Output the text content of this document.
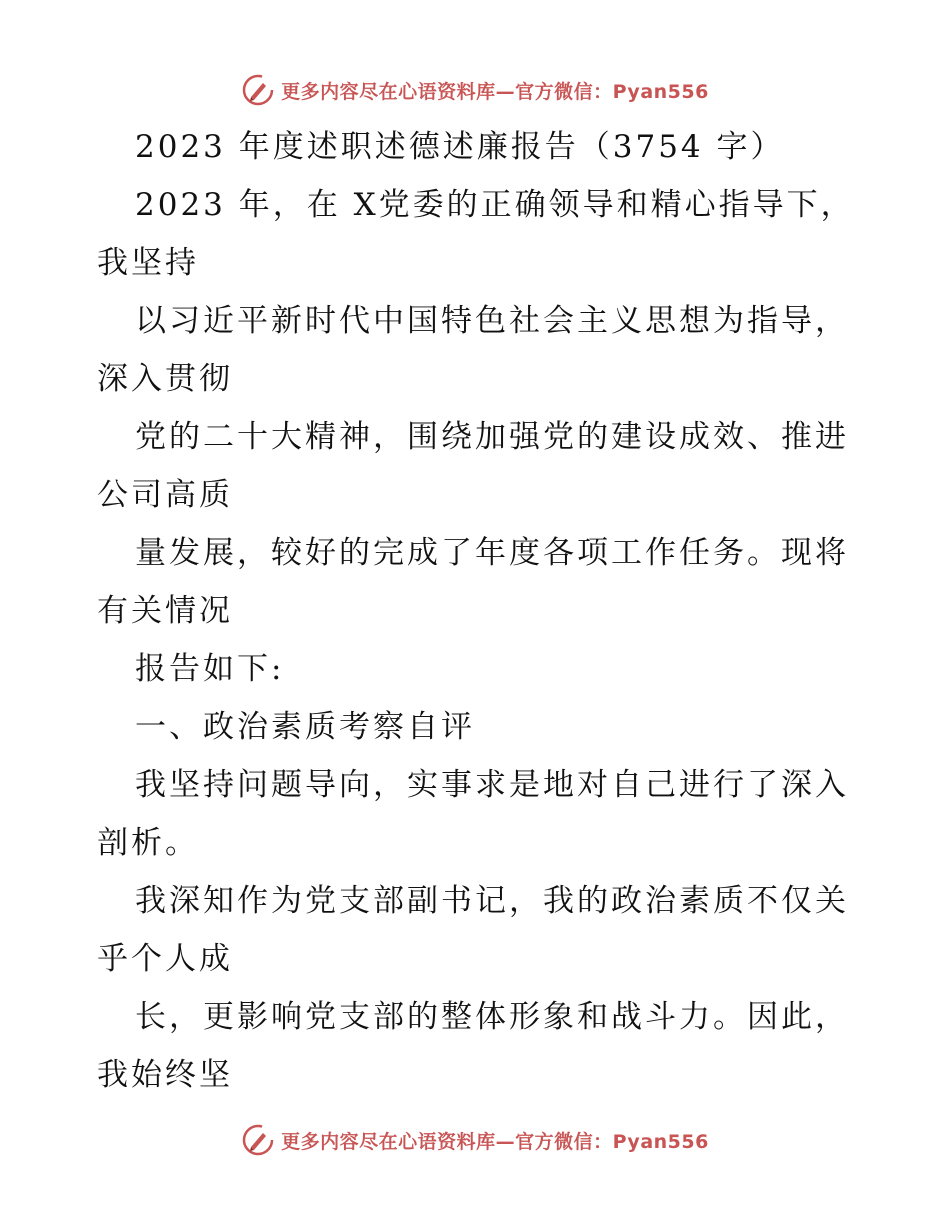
更多内容尽在心语资料库—官方微信：Pyan556
2023 年度述职述德述廉报告（3754 字）
2023 年，在 X党委的正确领导和精心指导下，
我坚持
以习近平新时代中国特色社会主义思想为指导，
深入贯彻
党的二十大精神，围绕加强党的建设成效、推进
公司高质
量发展，较好的完成了年度各项工作任务。现将
有关情况
报告如下:
一、政治素质考察自评
我坚持问题导向，实事求是地对自己进行了深入
剖析。
我深知作为党支部副书记，我的政治素质不仅关
乎个人成
长，更影响党支部的整体形象和战斗力。因此，
我始终坚
更多内容尽在心语资料库—官方微信：Pyan556
